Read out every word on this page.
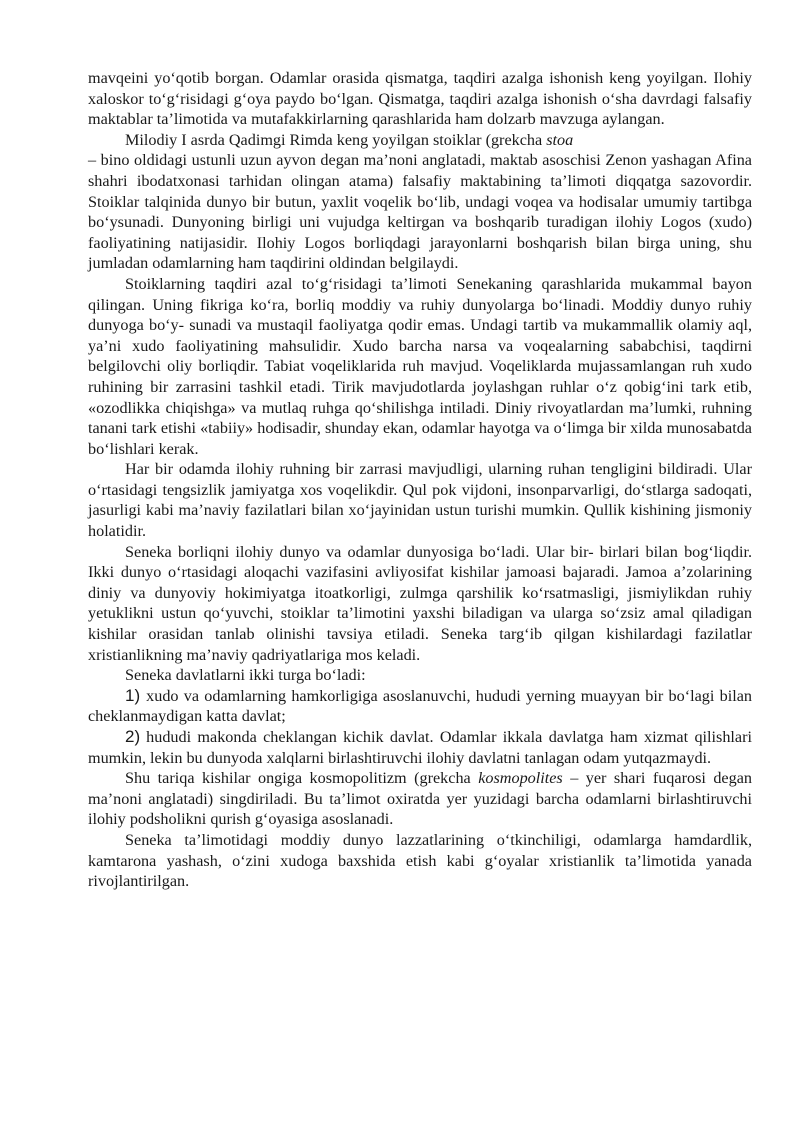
mavqeini yoʻqotib borgan. Odamlar orasida qismatga, taqdiri azalga ishonish keng yoyilgan. Ilohiy xaloskor toʻgʻrisidagi gʻoya paydo boʻlgan. Qismatga, taqdiri azalga ishonish oʻsha davrdagi falsafiy maktablar taʼlimotida va mutafakkirlarning qarashlarida ham dolzarb mavzuga aylangan.

Milodiy I asrda Qadimgi Rimda keng yoyilgan stoiklar (grekcha stoa

– bino oldidagi ustunli uzun ayvon degan maʼnoni anglatadi, maktab asoschisi Zenon yashagan Afina shahri ibodatxonasi tarhidan olingan atama) falsafiy maktabining taʼlimoti diqqatga sazovordir. Stoiklar talqinida dunyo bir butun, yaxlit voqelik boʻlib, undagi voqea va hodisalar umumiy tartibga boʻysunadi. Dunyoning birligi uni vujudga keltirgan va boshqarib turadigan ilohiy Logos (xudo) faoliyatining natijasidir. Ilohiy Logos borliqdagi jarayonlarni boshqarish bilan birga uning, shu jumladan odamlarning ham taqdirini oldindan belgilaydi.

Stoiklarning taqdiri azal toʻgʻrisidagi taʼlimoti Senekaning qarashlarida mukammal bayon qilingan. Uning fikriga koʻra, borliq moddiy va ruhiy dunyolarga boʻlinadi. Moddiy dunyo ruhiy dunyoga boʻy- sunadi va mustaqil faoliyatga qodir emas. Undagi tartib va mukammallik olamiy aql, yaʼni xudo faoliyatining mahsulidir. Xudo barcha narsa va voqealarning sababchisi, taqdirni belgilovchi oliy borliqdir. Tabiat voqeliklarida ruh mavjud. Voqeliklarda mujassamlangan ruh xudo ruhining bir zarrasini tashkil etadi. Tirik mavjudotlarda joylashgan ruhlar oʻz qobigʻini tark etib, «ozodlikka chiqishga» va mutlaq ruhga qoʻshilishga intiladi. Diniy rivoyatlardan maʼlumki, ruhning tanani tark etishi «tabiiy» hodisadir, shunday ekan, odamlar hayotga va oʻlimga bir xilda munosabatda boʻlishlari kerak.

Har bir odamda ilohiy ruhning bir zarrasi mavjudligi, ularning ruhan tengligini bildiradi. Ular oʻrtasidagi tengsizlik jamiyatga xos voqelikdir. Qul pok vijdoni, insonparvarligi, doʻstlarga sadoqati, jasurligi kabi maʼnaviy fazilatlari bilan xoʻjayinidan ustun turishi mumkin. Qullik kishining jismoniy holatidir.

Seneka borliqni ilohiy dunyo va odamlar dunyosiga boʻladi. Ular bir- birlari bilan bogʻliqdir. Ikki dunyo oʻrtasidagi aloqachi vazifasini avliyosifat kishilar jamoasi bajaradi. Jamoa aʼzolarining diniy va dunyoviy hokimiyatga itoatkorligi, zulmga qarshilik koʻrsatmasligi, jismiylikdan ruhiy yetuklikni ustun qoʻyuvchi, stoiklar taʼlimotini yaxshi biladigan va ularga soʻzsiz amal qiladigan kishilar orasidan tanlab olinishi tavsiya etiladi. Seneka targʻib qilgan kishilardagi fazilatlar xristianlikning maʼnaviy qadriyatlariga mos keladi.

Seneka davlatlarni ikki turga boʻladi:

1) xudo va odamlarning hamkorligiga asoslanuvchi, hududi yerning muayyan bir boʻlagi bilan cheklanmaydigan katta davlat;

2) hududi makonda cheklangan kichik davlat. Odamlar ikkala davlatga ham xizmat qilishlari mumkin, lekin bu dunyoda xalqlarni birlashtiruvchi ilohiy davlatni tanlagan odam yutqazmaydi.

Shu tariqa kishilar ongiga kosmopolitizm (grekcha kosmopolites – yer shari fuqarosi degan maʼnoni anglatadi) singdiriladi. Bu taʼlimot oxiratda yer yuzidagi barcha odamlarni birlashtiruvchi ilohiy podsholikni qurish gʻoyasiga asoslanadi.

Seneka taʼlimotidagi moddiy dunyo lazzatlarining oʻtkinchiligi, odamlarga hamdardlik, kamtarona yashash, oʻzini xudoga baxshida etish kabi gʻoyalar xristianlik taʼlimotida yanada rivojlantirilgan.
